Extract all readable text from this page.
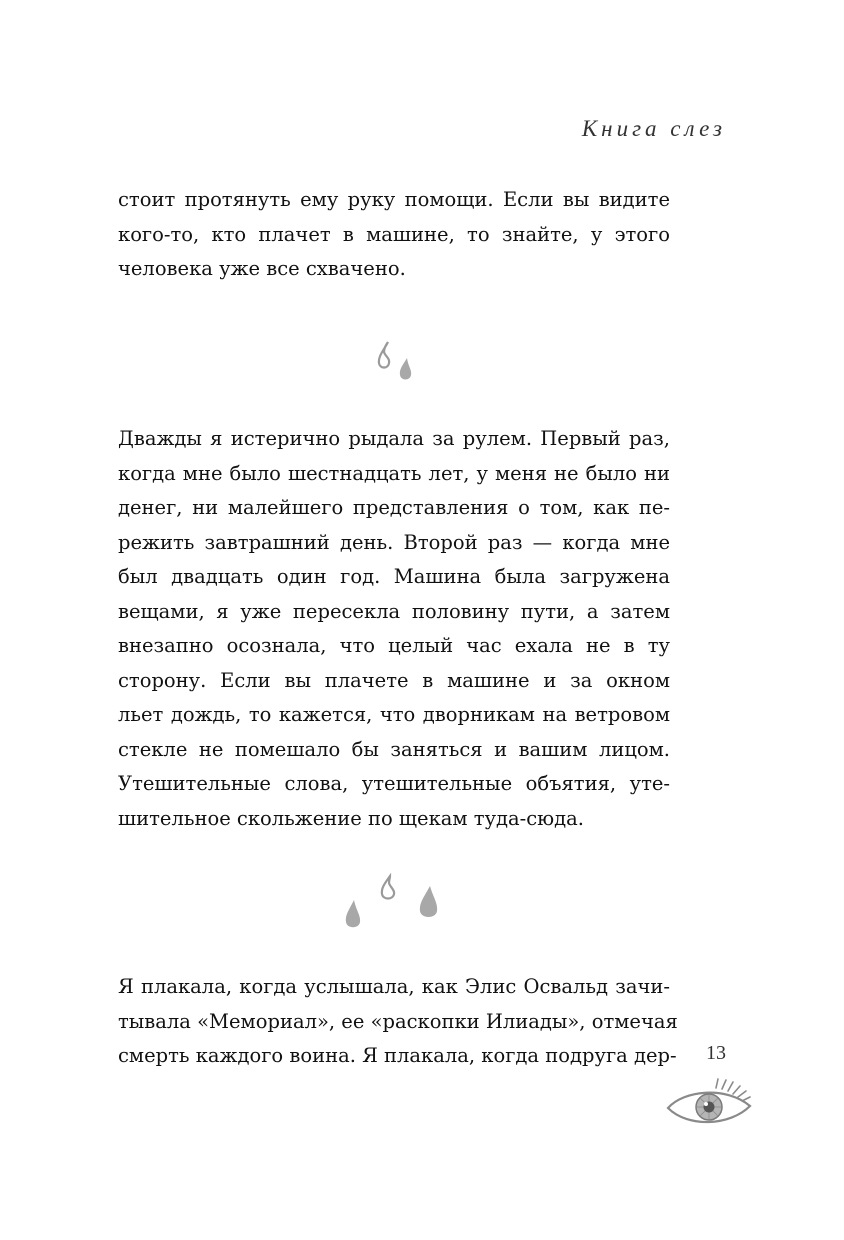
Книга слез
стоит протянуть ему руку помощи. Если вы видите
кого-то, кто плачет в машине, то знайте, у этого
человека уже все схвачено.
Дважды я истерично рыдала за рулем. Первый раз,
когда мне было шестнадцать лет, у меня не было ни
денег, ни малейшего представления о том, как пе-
режить завтрашний день. Второй раз — когда мне
был двадцать один год. Машина была загружена
вещами, я уже пересекла половину пути, а затем
внезапно осознала, что целый час ехала не в ту
сторону. Если вы плачете в машине и за окном
льет дождь, то кажется, что дворникам на ветровом
стекле не помешало бы заняться и вашим лицом.
Утешительные слова, утешительные объятия, уте-
шительное скольжение по щекам туда-сюда.
Я плакала, когда услышала, как Элис Освальд зачи-
тывала «Мемориал», ее «раскопки Илиады», отмечая
смерть каждого воина. Я плакала, когда подруга дер- 13
